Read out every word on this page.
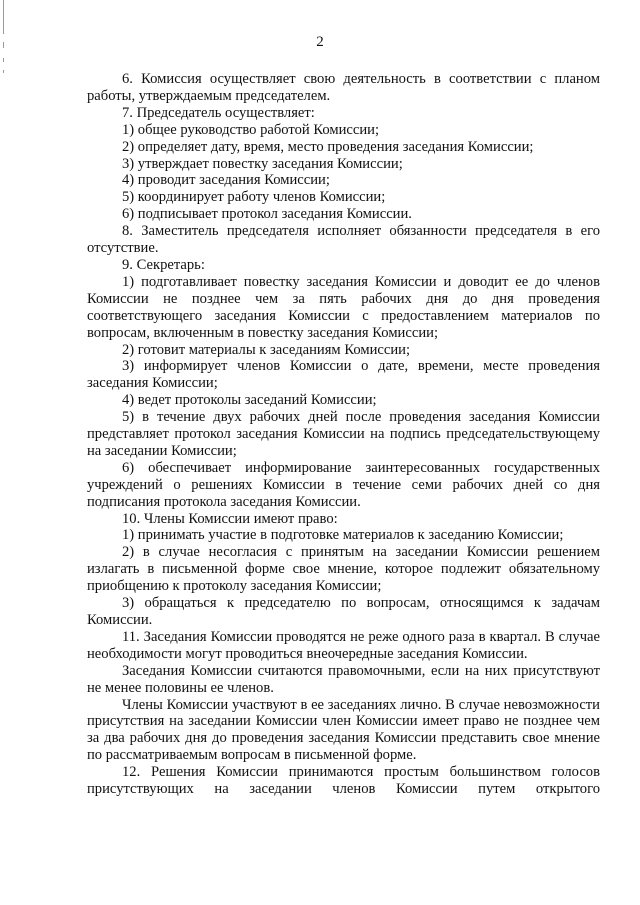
2

6. Комиссия осуществляет свою деятельность в соответствии с планом работы, утверждаемым председателем.

7. Председатель осуществляет:

1) общее руководство работой Комиссии;

2) определяет дату, время, место проведения заседания Комиссии;

3) утверждает повестку заседания Комиссии;

4) проводит заседания Комиссии;

5) координирует работу членов Комиссии;

6) подписывает протокол заседания Комиссии.

8. Заместитель председателя исполняет обязанности председателя в его отсутствие.

9. Секретарь:

1) подготавливает повестку заседания Комиссии и доводит ее до членов Комиссии не позднее чем за пять рабочих дня до дня проведения соответствующего заседания Комиссии с предоставлением материалов по вопросам, включенным в повестку заседания Комиссии;

2) готовит материалы к заседаниям Комиссии;

3) информирует членов Комиссии о дате, времени, месте проведения заседания Комиссии;

4) ведет протоколы заседаний Комиссии;

5) в течение двух рабочих дней после проведения заседания Комиссии представляет протокол заседания Комиссии на подпись председательствующему на заседании Комиссии;

6) обеспечивает информирование заинтересованных государственных учреждений о решениях Комиссии в течение семи рабочих дней со дня подписания протокола заседания Комиссии.

10. Члены Комиссии имеют право:

1) принимать участие в подготовке материалов к заседанию Комиссии;

2) в случае несогласия с принятым на заседании Комиссии решением излагать в письменной форме свое мнение, которое подлежит обязательному приобщению к протоколу заседания Комиссии;

3) обращаться к председателю по вопросам, относящимся к задачам Комиссии.

11. Заседания Комиссии проводятся не реже одного раза в квартал. В случае необходимости могут проводиться внеочередные заседания Комиссии.

Заседания Комиссии считаются правомочными, если на них присутствуют не менее половины ее членов.

Члены Комиссии участвуют в ее заседаниях лично. В случае невозможности присутствия на заседании Комиссии член Комиссии имеет право не позднее чем за два рабочих дня до проведения заседания Комиссии представить свое мнение по рассматриваемым вопросам в письменной форме.

12. Решения Комиссии принимаются простым большинством голосов присутствующих на заседании членов Комиссии путем открытого
